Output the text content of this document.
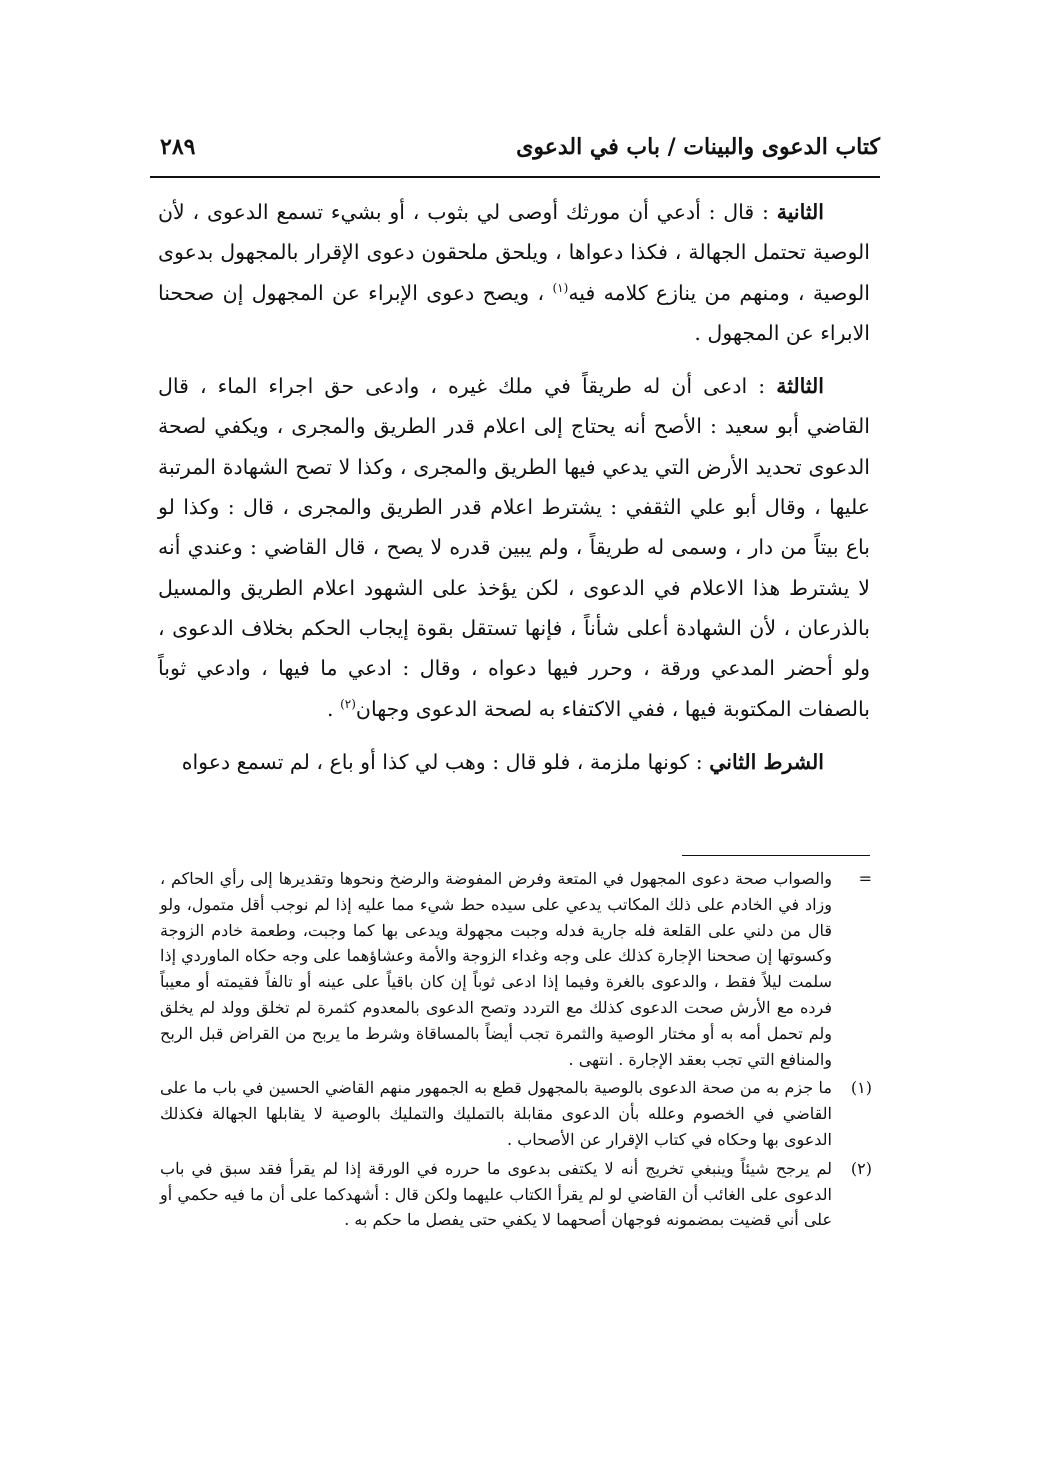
كتاب الدعوى والبينات / باب في الدعوى
٢٨٩

الثانية : قال : أدعي أن مورثك أوصى لي بثوب ، أو بشيء تسمع الدعوى ، لأن الوصية تحتمل الجهالة ، فكذا دعواها ، ويلحق ملحقون دعوى الإقرار بالمجهول بدعوى الوصية ، ومنهم من ينازع كلامه فيه$^{(١)}$ ، ويصح دعوى الإبراء عن المجهول إن صححنا الابراء عن المجهول .

الثالثة : ادعى أن له طريقاً في ملك غيره ، وادعى حق اجراء الماء ، قال القاضي أبو سعيد : الأصح أنه يحتاج إلى اعلام قدر الطريق والمجرى ، ويكفي لصحة الدعوى تحديد الأرض التي يدعي فيها الطريق والمجرى ، وكذا لا تصح الشهادة المرتبة عليها ، وقال أبو علي الثقفي : يشترط اعلام قدر الطريق والمجرى ، قال : وكذا لو باع بيتاً من دار ، وسمى له طريقاً ، ولم يبين قدره لا يصح ، قال القاضي : وعندي أنه لا يشترط هذا الاعلام في الدعوى ، لكن يؤخذ على الشهود اعلام الطريق والمسيل بالذرعان ، لأن الشهادة أعلى شأناً ، فإنها تستقل بقوة إيجاب الحكم بخلاف الدعوى ، ولو أحضر المدعي ورقة ، وحرر فيها دعواه ، وقال : ادعي ما فيها ، وادعي ثوباً بالصفات المكتوبة فيها ، ففي الاكتفاء به لصحة الدعوى وجهان$^{(٢)}$ .

الشرط الثاني : كونها ملزمة ، فلو قال : وهب لي كذا أو باع ، لم تسمع دعواه

=
والصواب صحة دعوى المجهول في المتعة وفرض المفوضة والرضخ ونحوها وتقديرها إلى رأي الحاكم ، وزاد في الخادم على ذلك المكاتب يدعي على سيده حط شيء مما عليه إذا لم نوجب أقل متمول، ولو قال من دلني على القلعة فله جارية فدله وجبت مجهولة ويدعى بها كما وجبت، وطعمة خادم الزوجة وكسوتها إن صححنا الإجارة كذلك على وجه وغداء الزوجة والأمة وعشاؤهما على وجه حكاه الماوردي إذا سلمت ليلاً فقط ، والدعوى بالغرة وفيما إذا ادعى ثوباً إن كان باقياً على عينه أو تالفاً فقيمته أو معيباً فرده مع الأرش صحت الدعوى كذلك مع التردد وتصح الدعوى بالمعدوم كثمرة لم تخلق وولد لم يخلق ولم تحمل أمه به أو مختار الوصية والثمرة تجب أيضاً بالمساقاة وشرط ما يربح من القراض قبل الربح والمنافع التي تجب بعقد الإجارة . انتهى .
(١)
ما جزم به من صحة الدعوى بالوصية بالمجهول قطع به الجمهور منهم القاضي الحسين في باب ما على القاضي في الخصوم وعلله بأن الدعوى مقابلة بالتمليك والتمليك بالوصية لا يقابلها الجهالة فكذلك الدعوى بها وحكاه في كتاب الإقرار عن الأصحاب .
(٢)
لم يرجح شيئاً وينبغي تخريج أنه لا يكتفى بدعوى ما حرره في الورقة إذا لم يقرأ فقد سبق في باب الدعوى على الغائب أن القاضي لو لم يقرأ الكتاب عليهما ولكن قال : أشهدكما على أن ما فيه حكمي أو على أني قضيت بمضمونه فوجهان أصحهما لا يكفي حتى يفصل ما حكم به .
